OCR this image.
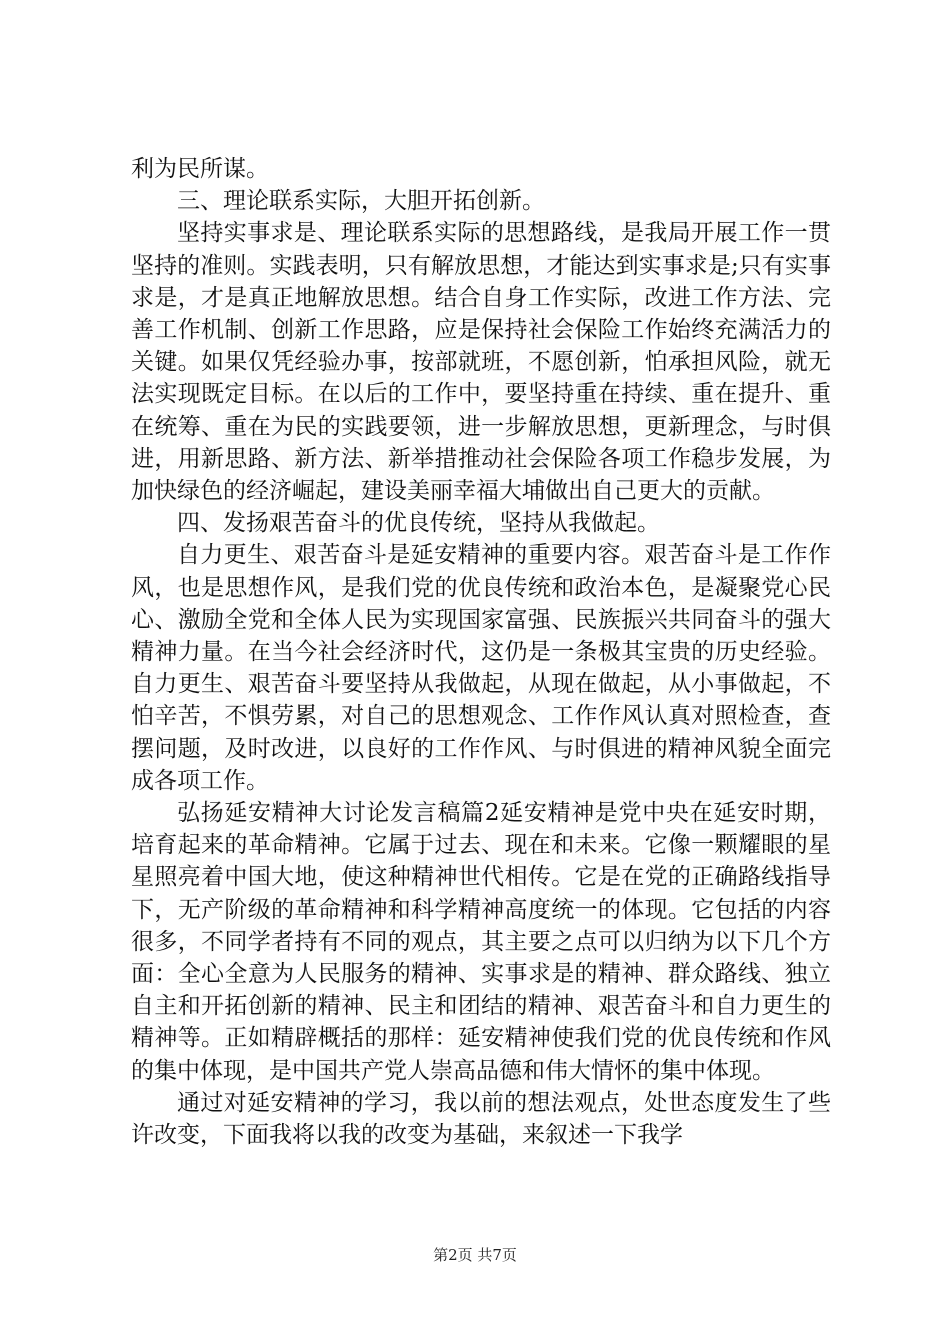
利为民所谋。

三、理论联系实际，大胆开拓创新。

坚持实事求是、理论联系实际的思想路线，是我局开展工作一贯坚持的准则。实践表明，只有解放思想，才能达到实事求是;只有实事求是，才是真正地解放思想。结合自身工作实际，改进工作方法、完善工作机制、创新工作思路，应是保持社会保险工作始终充满活力的关键。如果仅凭经验办事，按部就班，不愿创新，怕承担风险，就无法实现既定目标。在以后的工作中，要坚持重在持续、重在提升、重在统筹、重在为民的实践要领，进一步解放思想，更新理念，与时俱进，用新思路、新方法、新举措推动社会保险各项工作稳步发展，为加快绿色的经济崛起，建设美丽幸福大埔做出自己更大的贡献。

四、发扬艰苦奋斗的优良传统，坚持从我做起。

自力更生、艰苦奋斗是延安精神的重要内容。艰苦奋斗是工作作风，也是思想作风，是我们党的优良传统和政治本色，是凝聚党心民心、激励全党和全体人民为实现国家富强、民族振兴共同奋斗的强大精神力量。在当今社会经济时代，这仍是一条极其宝贵的历史经验。自力更生、艰苦奋斗要坚持从我做起，从现在做起，从小事做起，不怕辛苦，不惧劳累，对自己的思想观念、工作作风认真对照检查，查摆问题，及时改进，以良好的工作作风、与时俱进的精神风貌全面完成各项工作。

弘扬延安精神大讨论发言稿篇2延安精神是党中央在延安时期，培育起来的革命精神。它属于过去、现在和未来。它像一颗耀眼的星星照亮着中国大地，使这种精神世代相传。它是在党的正确路线指导下，无产阶级的革命精神和科学精神高度统一的体现。它包括的内容很多，不同学者持有不同的观点，其主要之点可以归纳为以下几个方面：全心全意为人民服务的精神、实事求是的精神、群众路线、独立自主和开拓创新的精神、民主和团结的精神、艰苦奋斗和自力更生的精神等。正如精辟概括的那样：延安精神使我们党的优良传统和作风的集中体现，是中国共产党人崇高品德和伟大情怀的集中体现。

通过对延安精神的学习，我以前的想法观点，处世态度发生了些许改变，下面我将以我的改变为基础，来叙述一下我学

第2页 共7页
